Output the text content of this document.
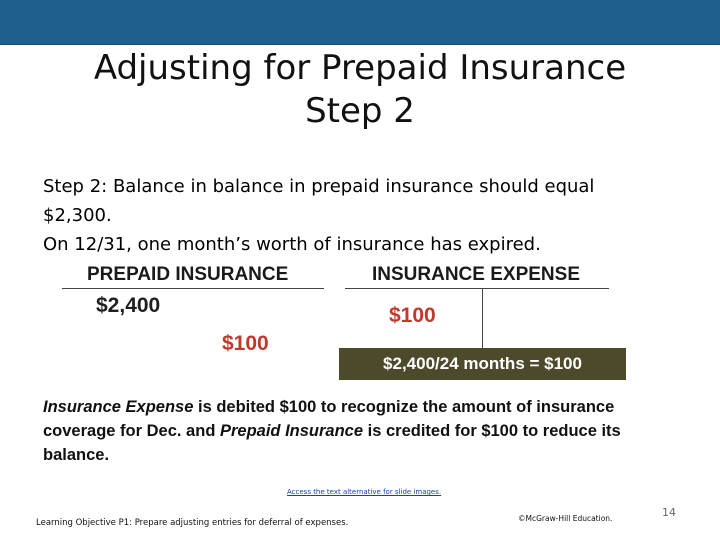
Adjusting for Prepaid Insurance
Step 2
Step 2: Balance in balance in prepaid insurance should equal
$2,300.
On 12/31, one month’s worth of insurance has expired.
PREPAID INSURANCE
$2,400
$100
INSURANCE EXPENSE
$100
$2,400/24 months = $100
Insurance Expense is debited $100 to recognize the amount of insurance
coverage for Dec. and Prepaid Insurance is credited for $100 to reduce its
balance.
Access the text alternative for slide images.
Learning Objective P1: Prepare adjusting entries for deferral of expenses.	©McGraw-Hill Education.	14
